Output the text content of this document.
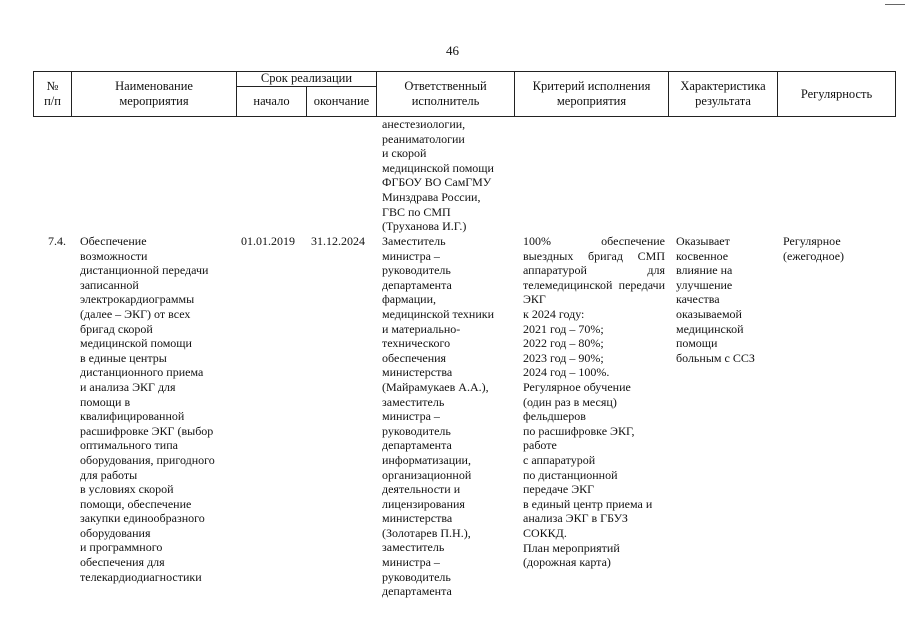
46
№
п/п
Наименование
мероприятия
Срок реализации
начало	окончание
Ответственный
исполнитель
Критерий исполнения
мероприятия
Характеристика
результата
Регулярность
анестезиологии,
реаниматологии
и скорой
медицинской помощи
ФГБОУ ВО СамГМУ
Минздрава России,
ГВС по СМП
(Труханова И.Г.)
7.4. Обеспечение
возможности
дистанционной передачи
записанной
электрокардиограммы
(далее – ЭКГ) от всех
бригад скорой
медицинской помощи
в единые центры
дистанционного приема
и анализа ЭКГ для
помощи в
квалифицированной
расшифровке ЭКГ (выбор
оптимального типа
оборудования, пригодного
для работы
в условиях скорой
помощи, обеспечение
закупки единообразного
оборудования
и программного
обеспечения для
телекардиодиагностики
01.01.2019 31.12.2024 Заместитель
министра –
руководитель
департамента
фармации,
медицинской техники
и материально-
технического
обеспечения
министерства
(Майрамукаев А.А.),
заместитель
министра –
руководитель
департамента
информатизации,
организационной
деятельности и
лицензирования
министерства
(Золотарев П.Н.),
заместитель
министра –
руководитель
департамента
100% обеспечение выездных бригад СМП аппаратурой для телемедицинской передачи ЭКГ
к 2024 году:
2021 год – 70%;
2022 год – 80%;
2023 год – 90%;
2024 год – 100%.
Регулярное обучение
(один раз в месяц)
фельдшеров
по расшифровке ЭКГ,
работе
с аппаратурой
по дистанционной
передаче ЭКГ
в единый центр приема и
анализа ЭКГ в ГБУЗ
СОККД.
План мероприятий
(дорожная карта)
Оказывает
косвенное
влияние на
улучшение
качества
оказываемой
медицинской
помощи
больным с ССЗ
Регулярное
(ежегодное)
